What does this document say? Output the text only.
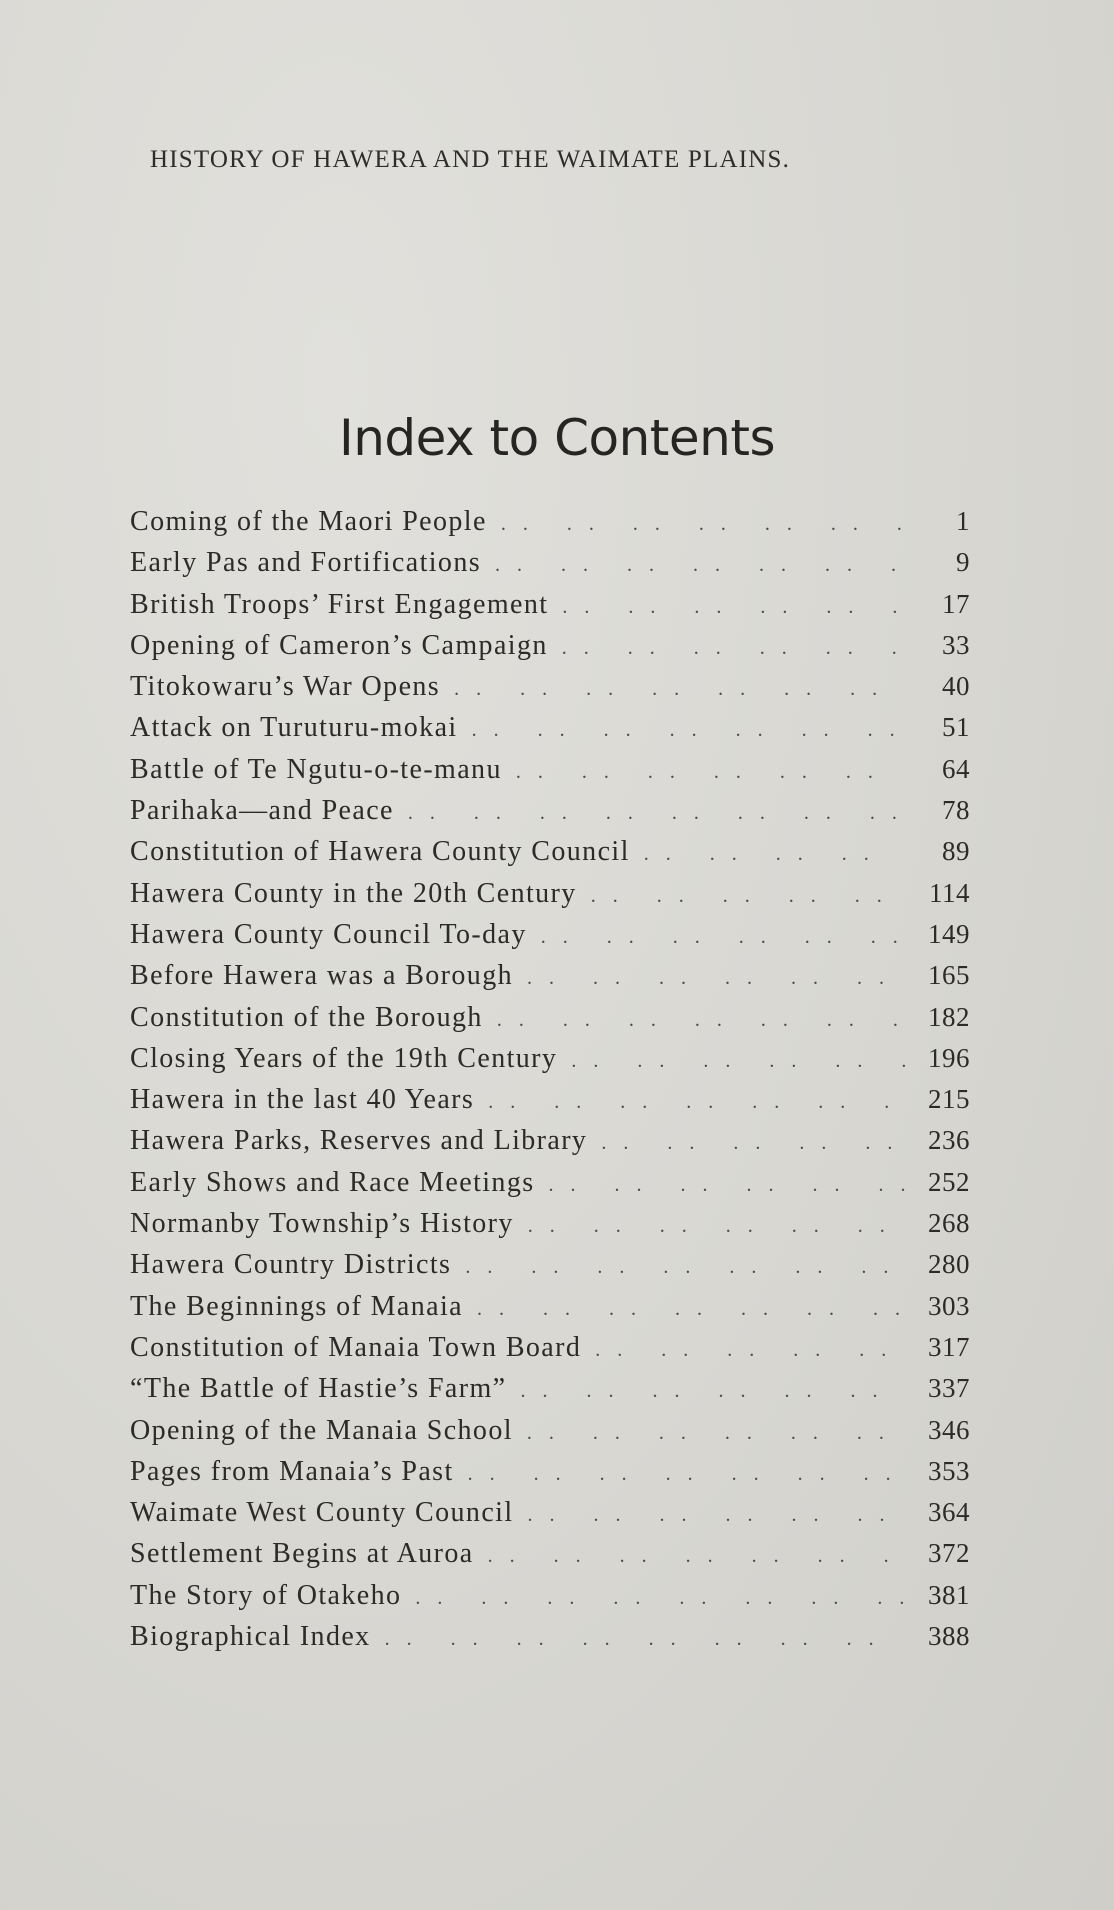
HISTORY OF HAWERA AND THE WAIMATE PLAINS.
Index to Contents
Coming of the Maori People . .	1
Early Pas and Fortifications . .	9
British Troops’ First Engagement . .	17
Opening of Cameron’s Campaign . .	33
Titokowaru’s War Opens . .	40
Attack on Turuturu-mokai . .	51
Battle of Te Ngutu-o-te-manu . .	64
Parihaka—and Peace . .	78
Constitution of Hawera County Council . .	89
Hawera County in the 20th Century . .	114
Hawera County Council To-day . .	149
Before Hawera was a Borough . .	165
Constitution of the Borough . .	182
Closing Years of the 19th Century . .	196
Hawera in the last 40 Years . .	215
Hawera Parks, Reserves and Library . .	236
Early Shows and Race Meetings . .	252
Normanby Township’s History . .	268
Hawera Country Districts . .	280
The Beginnings of Manaia . .	303
Constitution of Manaia Town Board . .	317
“The Battle of Hastie’s Farm” . .	337
Opening of the Manaia School . .	346
Pages from Manaia’s Past . .	353
Waimate West County Council . .	364
Settlement Begins at Auroa . .	372
The Story of Otakeho . .	381
Biographical Index . .	388
